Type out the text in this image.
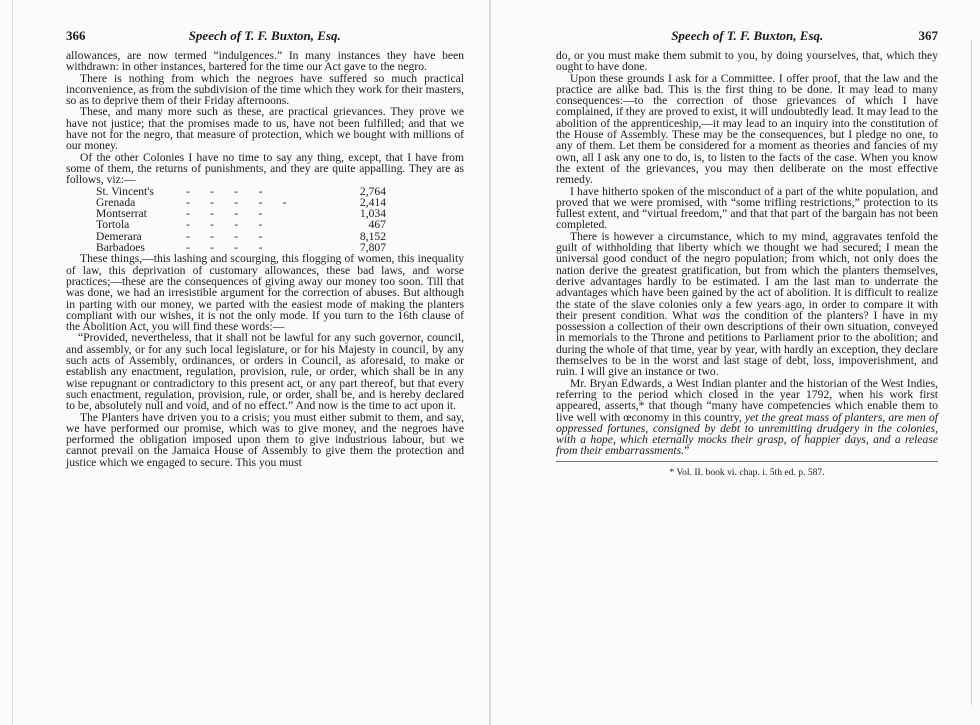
366	Speech of T. F. Buxton, Esq.

allowances, are now termed “indulgences.” In many instances they have been withdrawn: in other instances, bartered for the time our Act gave to the negro.

There is nothing from which the negroes have suffered so much practical inconvenience, as from the subdivision of the time which they work for their masters, so as to deprive them of their Friday afternoons.

These, and many more such as these, are practical grievances. They prove we have not justice; that the promises made to us, have not been fulfilled; and that we have not for the negro, that measure of protection, which we bought with millions of our money.

Of the other Colonies I have no time to say any thing, except, that I have from some of them, the returns of punishments, and they are quite appalling. They are as follows, viz:—

St. Vincent's	-       -       -       -	2,764
Grenada	-       -       -       -       -	2,414
Montserrat	-       -       -       -	1,034
Tortola	-       -       -       -	467
Demerara	-       -       -       -	8,152
Barbadoes	-       -       -       -	7,807

These things,—this lashing and scourging, this flogging of women, this inequality of law, this deprivation of customary allowances, these bad laws, and worse practices;—these are the consequences of giving away our money too soon. Till that was done, we had an irresistible argument for the correction of abuses. But although in parting with our money, we parted with the easiest mode of making the planters compliant with our wishes, it is not the only mode. If you turn to the 16th clause of the Abolition Act, you will find these words:—

“Provided, nevertheless, that it shall not be lawful for any such governor, council, and assembly, or for any such local legislature, or for his Majesty in council, by any such acts of Assembly, ordinances, or orders in Council, as aforesaid, to make or establish any enactment, regulation, provision, rule, or order, which shall be in any wise repugnant or contradictory to this present act, or any part thereof, but that every such enactment, regulation, provision, rule, or order, shall be, and is hereby declared to be, absolutely null and void, and of no effect.” And now is the time to act upon it.

The Planters have driven you to a crisis; you must either submit to them, and say, we have performed our promise, which was to give money, and the negroes have performed the obligation imposed upon them to give industrious labour, but we cannot prevail on the Jamaica House of Assembly to give them the protection and justice which we engaged to secure. This you must

Speech of T. F. Buxton, Esq.	367

do, or you must make them submit to you, by doing yourselves, that, which they ought to have done.

Upon these grounds I ask for a Committee. I offer proof, that the law and the practice are alike bad. This is the first thing to be done. It may lead to many consequences:—to the correction of those grievances of which I have complained, if they are proved to exist, it will undoubtedly lead. It may lead to the abolition of the apprenticeship,—it may lead to an inquiry into the constitution of the House of Assembly. These may be the consequences, but I pledge no one, to any of them. Let them be considered for a moment as theories and fancies of my own, all I ask any one to do, is, to listen to the facts of the case. When you know the extent of the grievances, you may then deliberate on the most effective remedy.

I have hitherto spoken of the misconduct of a part of the white population, and proved that we were promised, with “some trifling restrictions,” protection to its fullest extent, and “virtual freedom,” and that that part of the bargain has not been completed.

There is however a circumstance, which to my mind, aggravates tenfold the guilt of withholding that liberty which we thought we had secured; I mean the universal good conduct of the negro population; from which, not only does the nation derive the greatest gratification, but from which the planters themselves, derive advantages hardly to be estimated. I am the last man to underrate the advantages which have been gained by the act of abolition. It is difficult to realize the state of the slave colonies only a few years ago, in order to compare it with their present condition. What was the condition of the planters? I have in my possession a collection of their own descriptions of their own situation, conveyed in memorials to the Throne and petitions to Parliament prior to the abolition; and during the whole of that time, year by year, with hardly an exception, they declare themselves to be in the worst and last stage of debt, loss, impoverishment, and ruin. I will give an instance or two.

Mr. Bryan Edwards, a West Indian planter and the historian of the West Indies, referring to the period which closed in the year 1792, when his work first appeared, asserts,* that though “many have competencies which enable them to live well with œconomy in this country, yet the great mass of planters, are men of oppressed fortunes, consigned by debt to unremitting drudgery in the colonies, with a hope, which eternally mocks their grasp, of happier days, and a release from their embarrassments.”

* Vol. II. book vi. chap. i. 5th ed. p. 587.
